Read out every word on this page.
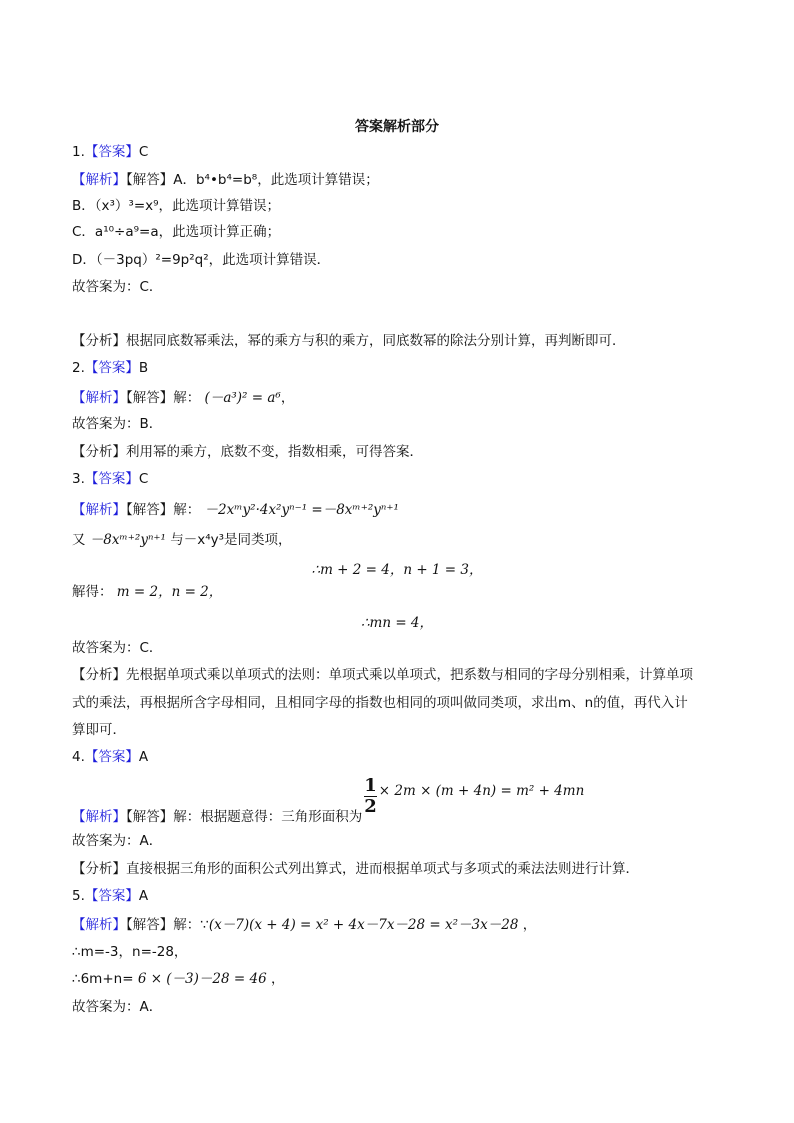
答案解析部分
1.【答案】C
【解析】【解答】A．b⁴•b⁴=b⁸，此选项计算错误；
B．（x³）³=x⁹，此选项计算错误；
C．a¹⁰÷a⁹=a，此选项计算正确；
D．（－3pq）²=9p²q²，此选项计算错误．
故答案为：C．
【分析】根据同底数幂乘法，幂的乘方与积的乘方，同底数幂的除法分别计算，再判断即可．
2.【答案】B
【解析】【解答】解： (－a³)² = a⁶，
故答案为：B．
【分析】利用幂的乘方，底数不变，指数相乘，可得答案．
3.【答案】C
【解析】【解答】解： －2xᵐy²·4x²yⁿ⁻¹ =－8xᵐ⁺²yⁿ⁺¹
又 －8xᵐ⁺²yⁿ⁺¹ 与－x⁴y³是同类项，
∴m + 2 = 4，n + 1 = 3，
解得： m = 2，n = 2，
∴mn = 4，
故答案为：C．
【分析】先根据单项式乘以单项式的法则：单项式乘以单项式，把系数与相同的字母分别相乘，计算单项
式的乘法，再根据所含字母相同，且相同字母的指数也相同的项叫做同类项，求出m、n的值，再代入计
算即可．
4.【答案】A
【解析】【解答】解：根据题意得：三角形面积为 $\frac{1}{2} \times 2m \times (m + 4n) = m^2 + 4mn$
故答案为：A．
【分析】直接根据三角形的面积公式列出算式，进而根据单项式与多项式的乘法法则进行计算．
5.【答案】A
【解析】【解答】解：∵(x－7)(x + 4) = x² + 4x－7x－28 = x²－3x－28 ，
∴m=-3，n=-28，
∴6m+n= 6 × (－3)－28 = 46 ，
故答案为：A．
